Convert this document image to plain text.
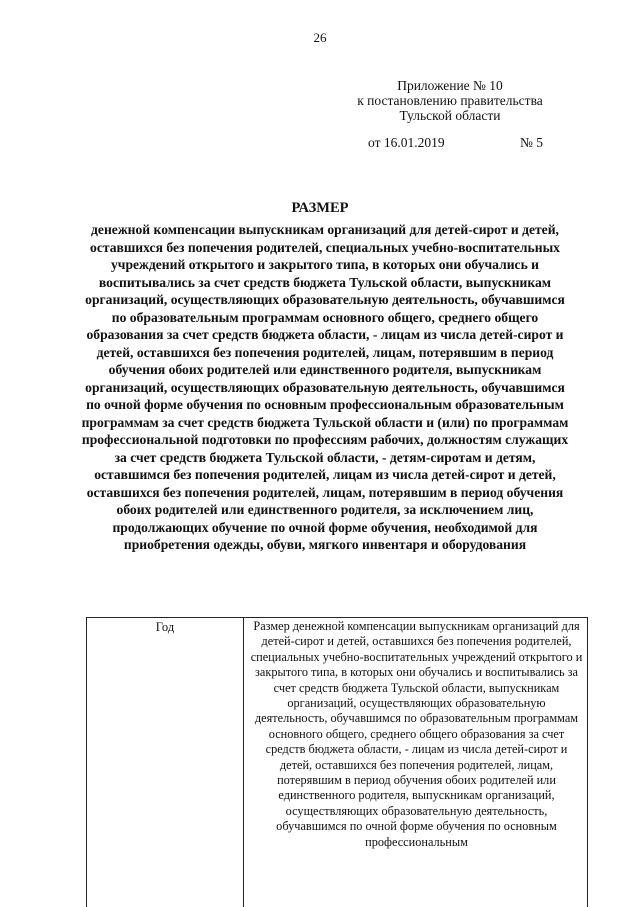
26
Приложение № 10
к постановлению правительства
Тульской области
от 16.01.2019	№ 5
РАЗМЕР

денежной компенсации выпускникам организаций для детей-сирот и детей, оставшихся без попечения родителей, специальных учебно-воспитательных учреждений открытого и закрытого типа, в которых они обучались и воспитывались за счет средств бюджета Тульской области, выпускникам организаций, осуществляющих образовательную деятельность, обучавшимся по образовательным программам основного общего, среднего общего образования за счет средств бюджета области, - лицам из числа детей-сирот и детей, оставшихся без попечения родителей, лицам, потерявшим в период обучения обоих родителей или единственного родителя, выпускникам организаций, осуществляющих образовательную деятельность, обучавшимся по очной форме обучения по основным профессиональным образовательным программам за счет средств бюджета Тульской области и (или) по программам профессиональной подготовки по профессиям рабочих, должностям служащих за счет средств бюджета Тульской области, - детям-сиротам и детям, оставшимся без попечения родителей, лицам из числа детей-сирот и детей, оставшихся без попечения родителей, лицам, потерявшим в период обучения обоих родителей или единственного родителя, за исключением лиц, продолжающих обучение по очной форме обучения, необходимой для приобретения одежды, обуви, мягкого инвентаря и оборудования

Год	Размер денежной компенсации выпускникам организаций для детей-сирот и детей, оставшихся без попечения родителей, специальных учебно-воспитательных учреждений открытого и закрытого типа, в которых они обучались и воспитывались за счет средств бюджета Тульской области, выпускникам организаций, осуществляющих образовательную деятельность, обучавшимся по образовательным программам основного общего, среднего общего образования за счет средств бюджета области, - лицам из числа детей-сирот и детей, оставшихся без попечения родителей, лицам, потерявшим в период обучения обоих родителей или единственного родителя, выпускникам организаций, осуществляющих образовательную деятельность, обучавшимся по очной форме обучения по основным профессиональным
